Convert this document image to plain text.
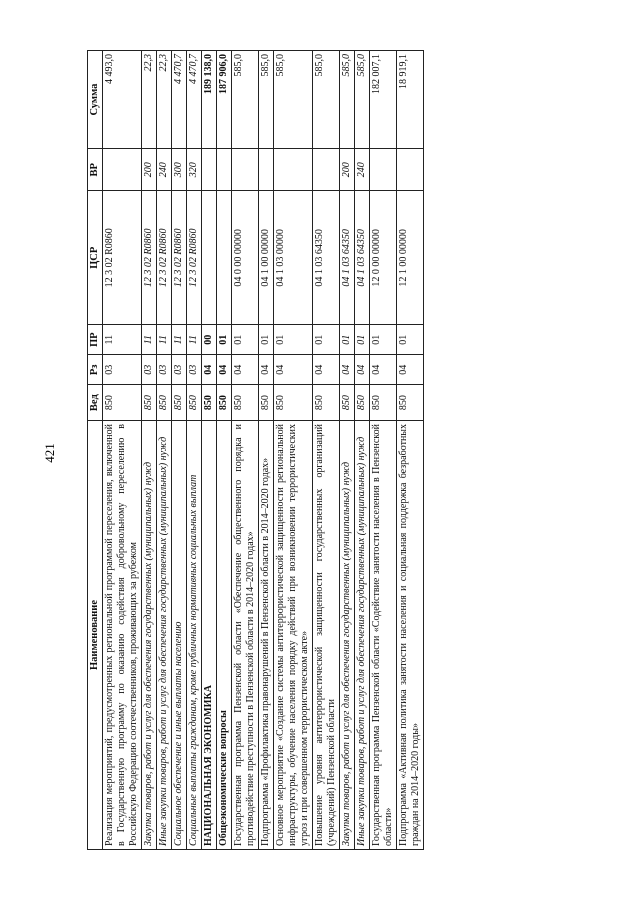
421
Наименование	Вед	Рз	ПР	ЦСР	ВР	Сумма
Реализация мероприятий, предусмотренных региональной программой переселения, включенной в Государственную программу по оказанию содействия добровольному переселению в Российскую Федерацию соотечественников, проживающих за рубежом	850	03	11	12 3 02 R0860		4 493,0
Закупка товаров, работ и услуг для обеспечения государственных (муниципальных) нужд	850	03	11	12 3 02 R0860	200	22,3
Иные закупки товаров, работ и услуг для обеспечения государственных (муниципальных) нужд	850	03	11	12 3 02 R0860	240	22,3
Социальное обеспечение и иные выплаты населению	850	03	11	12 3 02 R0860	300	4 470,7
Социальные выплаты гражданам, кроме публичных нормативных социальных выплат	850	03	11	12 3 02 R0860	320	4 470,7
НАЦИОНАЛЬНАЯ ЭКОНОМИКА	850	04	00			189 138,0
Общеэкономические вопросы	850	04	01			187 906,0
Государственная программа Пензенской области «Обеспечение общественного порядка и противодействие преступности в Пензенской области в 2014–2020 годах»	850	04	01	04 0 00 00000		585,0
Подпрограмма «Профилактика правонарушений в Пензенской области в 2014–2020 годах»	850	04	01	04 1 00 00000		585,0
Основное мероприятие «Создание системы антитеррористической защищенности региональной инфраструктуры, обучение населения порядку действий при возникновении террористических угроз и при совершенном террористическом акте»	850	04	01	04 1 03 00000		585,0
Повышение уровня антитеррористической защищенности государственных организаций (учреждений) Пензенской области	850	04	01	04 1 03 64350		585,0
Закупка товаров, работ и услуг для обеспечения государственных (муниципальных) нужд	850	04	01	04 1 03 64350	200	585,0
Иные закупки товаров, работ и услуг для обеспечения государственных (муниципальных) нужд	850	04	01	04 1 03 64350	240	585,0
Государственная программа Пензенской области «Содействие занятости населения в Пензенской области»	850	04	01	12 0 00 00000		182 007,1
Подпрограмма «Активная политика занятости населения и социальная поддержка безработных граждан на 2014–2020 годы»	850	04	01	12 1 00 00000		18 919,1
